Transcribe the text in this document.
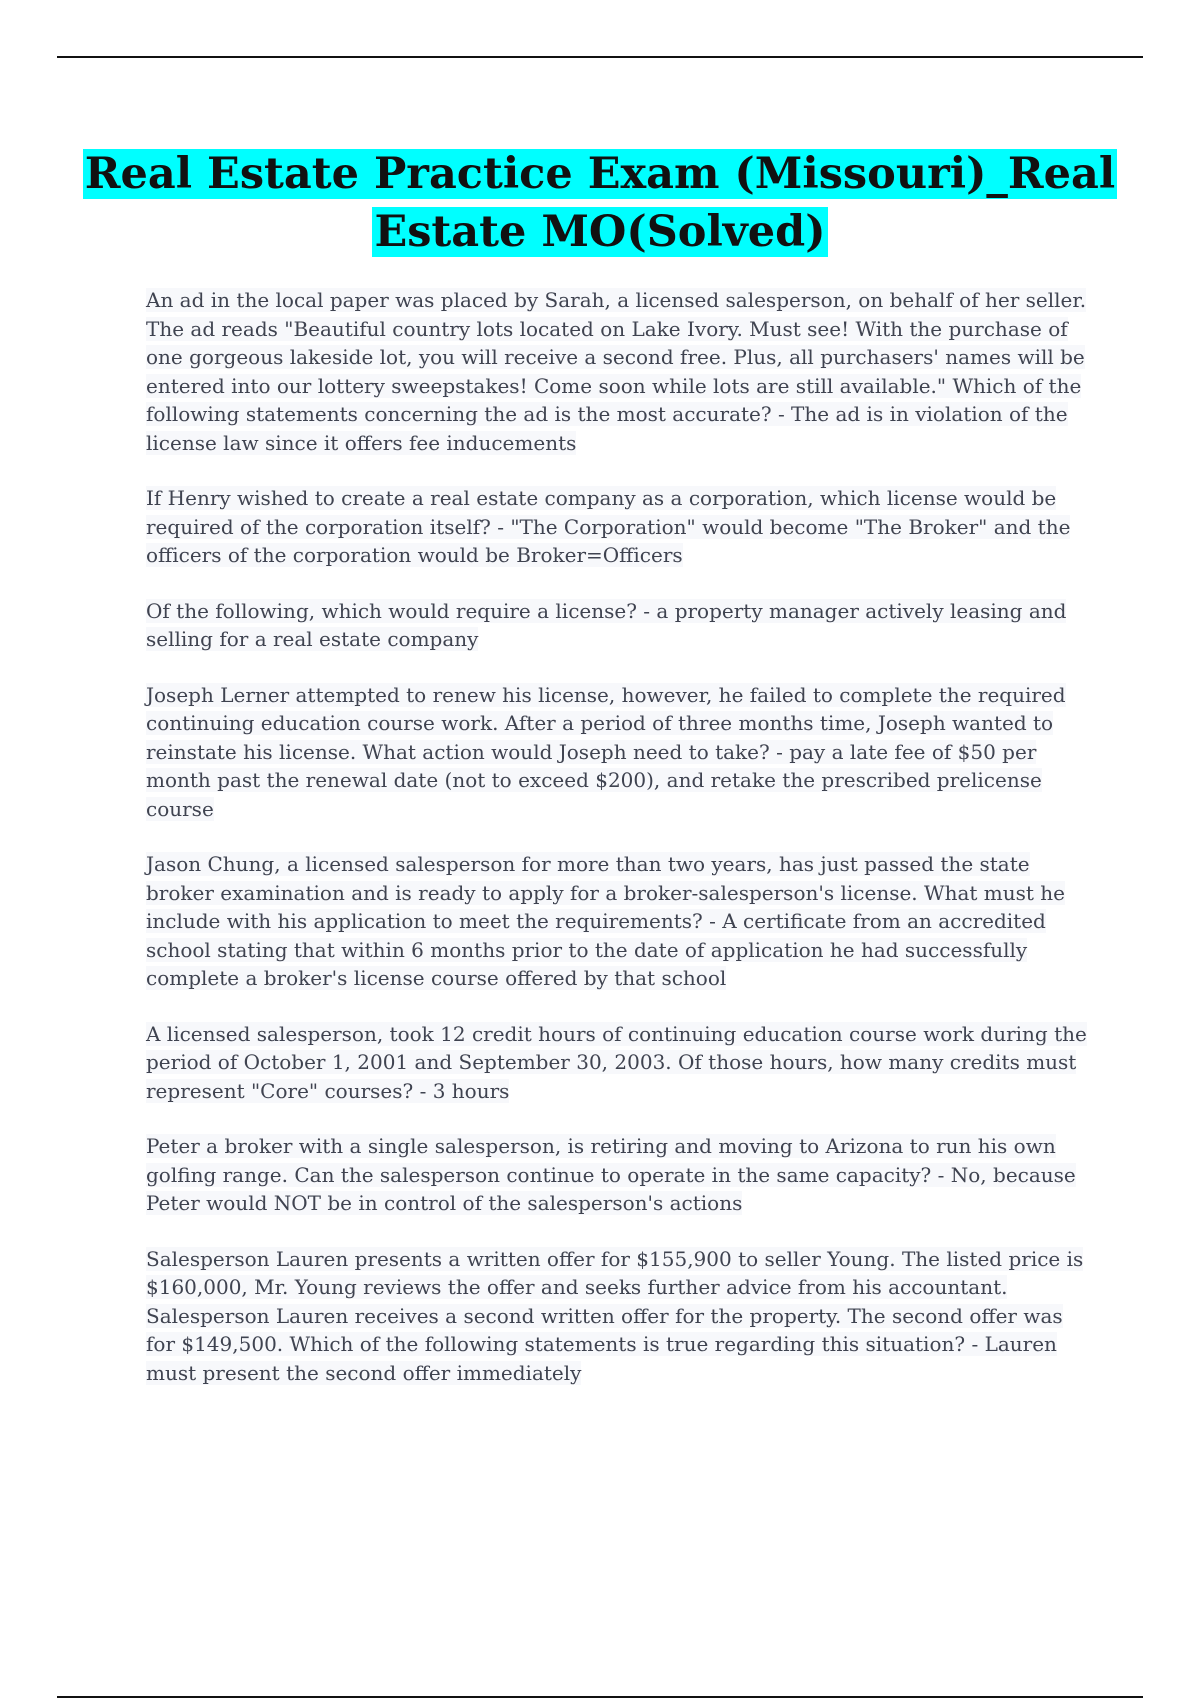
Real Estate Practice Exam (Missouri)_Real Estate MO(Solved)

An ad in the local paper was placed by Sarah, a licensed salesperson, on behalf of her seller. The ad reads "Beautiful country lots located on Lake Ivory. Must see! With the purchase of one gorgeous lakeside lot, you will receive a second free. Plus, all purchasers' names will be entered into our lottery sweepstakes! Come soon while lots are still available." Which of the following statements concerning the ad is the most accurate? - The ad is in violation of the license law since it offers fee inducements

If Henry wished to create a real estate company as a corporation, which license would be required of the corporation itself? - "The Corporation" would become "The Broker" and the officers of the corporation would be Broker=Officers

Of the following, which would require a license? - a property manager actively leasing and selling for a real estate company

Joseph Lerner attempted to renew his license, however, he failed to complete the required continuing education course work. After a period of three months time, Joseph wanted to reinstate his license. What action would Joseph need to take? - pay a late fee of $50 per month past the renewal date (not to exceed $200), and retake the prescribed prelicense course

Jason Chung, a licensed salesperson for more than two years, has just passed the state broker examination and is ready to apply for a broker-salesperson's license. What must he include with his application to meet the requirements? - A certificate from an accredited school stating that within 6 months prior to the date of application he had successfully complete a broker's license course offered by that school

A licensed salesperson, took 12 credit hours of continuing education course work during the period of October 1, 2001 and September 30, 2003. Of those hours, how many credits must represent "Core" courses? - 3 hours

Peter a broker with a single salesperson, is retiring and moving to Arizona to run his own golfing range. Can the salesperson continue to operate in the same capacity? - No, because Peter would NOT be in control of the salesperson's actions

Salesperson Lauren presents a written offer for $155,900 to seller Young. The listed price is $160,000, Mr. Young reviews the offer and seeks further advice from his accountant. Salesperson Lauren receives a second written offer for the property. The second offer was for $149,500. Which of the following statements is true regarding this situation? - Lauren must present the second offer immediately
